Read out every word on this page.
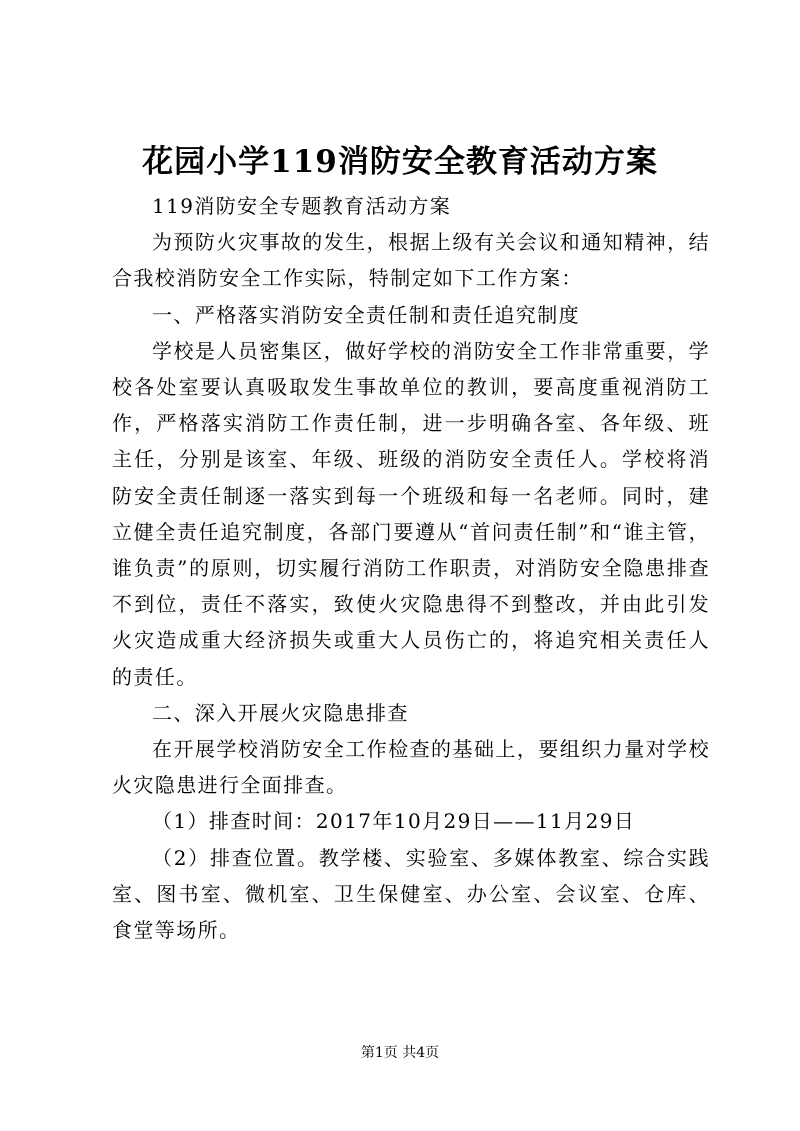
花园小学119消防安全教育活动方案

119消防安全专题教育活动方案

为预防火灾事故的发生，根据上级有关会议和通知精神，结合我校消防安全工作实际，特制定如下工作方案：

一、严格落实消防安全责任制和责任追究制度

学校是人员密集区，做好学校的消防安全工作非常重要，学校各处室要认真吸取发生事故单位的教训，要高度重视消防工作，严格落实消防工作责任制，进一步明确各室、各年级、班主任，分别是该室、年级、班级的消防安全责任人。学校将消防安全责任制逐一落实到每一个班级和每一名老师。同时，建立健全责任追究制度，各部门要遵从“首问责任制”和“谁主管，谁负责”的原则，切实履行消防工作职责，对消防安全隐患排查不到位，责任不落实，致使火灾隐患得不到整改，并由此引发火灾造成重大经济损失或重大人员伤亡的，将追究相关责任人的责任。

二、深入开展火灾隐患排查

在开展学校消防安全工作检查的基础上，要组织力量对学校火灾隐患进行全面排查。

（1）排查时间：2017年10月29日——11月29日

（2）排查位置。教学楼、实验室、多媒体教室、综合实践室、图书室、微机室、卫生保健室、办公室、会议室、仓库、食堂等场所。

第1页 共4页
